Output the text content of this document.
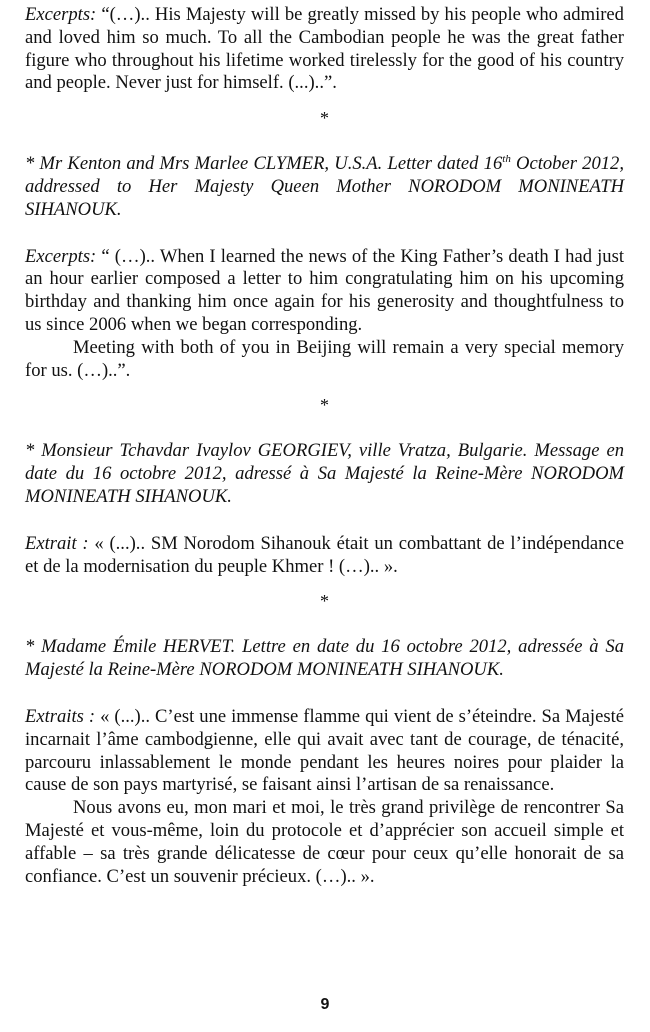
Excerpts: “(…).. His Majesty will be greatly missed by his people who admired and loved him so much. To all the Cambodian people he was the great father figure who throughout his lifetime worked tirelessly for the good of his country and people. Never just for himself. (...)..”.

*

* Mr Kenton and Mrs Marlee CLYMER, U.S.A. Letter dated 16th October 2012, addressed to Her Majesty Queen Mother NORODOM MONINEATH SIHANOUK.

Excerpts: “ (…).. When I learned the news of the King Father’s death I had just an hour earlier composed a letter to him congratulating him on his upcoming birthday and thanking him once again for his generosity and thoughtfulness to us since 2006 when we began corresponding.

Meeting with both of you in Beijing will remain a very special memory for us. (…)..”.

*

* Monsieur Tchavdar Ivaylov GEORGIEV, ville Vratza, Bulgarie. Message en date du 16 octobre 2012, adressé à Sa Majesté la Reine-Mère NORODOM MONINEATH SIHANOUK.

Extrait : « (...).. SM Norodom Sihanouk était un combattant de l’indépendance et de la modernisation du peuple Khmer ! (…).. ».

*

* Madame Émile HERVET. Lettre en date du 16 octobre 2012, adressée à Sa Majesté la Reine-Mère NORODOM MONINEATH SIHANOUK.

Extraits : « (...).. C’est une immense flamme qui vient de s’éteindre. Sa Majesté incarnait l’âme cambodgienne, elle qui avait avec tant de courage, de ténacité, parcouru inlassablement le monde pendant les heures noires pour plaider la cause de son pays martyrisé, se faisant ainsi l’artisan de sa renaissance.

Nous avons eu, mon mari et moi, le très grand privilège de rencontrer Sa Majesté et vous-même, loin du protocole et d’apprécier son accueil simple et affable – sa très grande délicatesse de cœur pour ceux qu’elle honorait de sa confiance. C’est un souvenir précieux. (…).. ».

9
